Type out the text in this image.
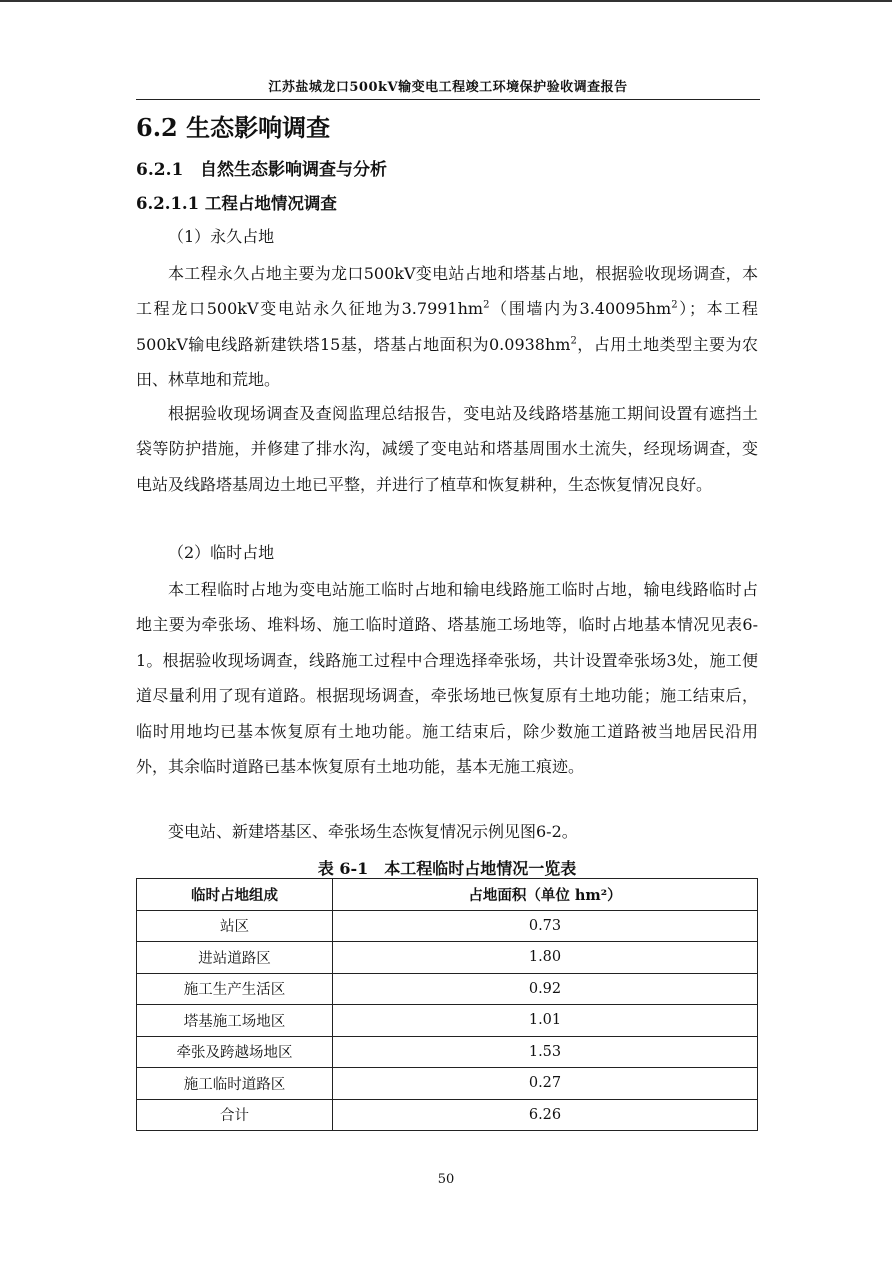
江苏盐城龙口500kV输变电工程竣工环境保护验收调查报告
6.2 生态影响调查
6.2.1 自然生态影响调查与分析
6.2.1.1 工程占地情况调查
（1）永久占地

本工程永久占地主要为龙口500kV变电站占地和塔基占地，根据验收现场调查，本工程龙口500kV变电站永久征地为$3.7991hm^2$（围墙内为$3.40095hm^2$）；本工程500kV输电线路新建铁塔15基，塔基占地面积为$0.0938hm^2$，占用土地类型主要为农田、林草地和荒地。

根据验收现场调查及查阅监理总结报告，变电站及线路塔基施工期间设置有遮挡土袋等防护措施，并修建了排水沟，减缓了变电站和塔基周围水土流失，经现场调查，变电站及线路塔基周边土地已平整，并进行了植草和恢复耕种，生态恢复情况良好。

（2）临时占地

本工程临时占地为变电站施工临时占地和输电线路施工临时占地，输电线路临时占地主要为牵张场、堆料场、施工临时道路、塔基施工场地等，临时占地基本情况见表6-1。根据验收现场调查，线路施工过程中合理选择牵张场，共计设置牵张场3处，施工便道尽量利用了现有道路。根据现场调查，牵张场地已恢复原有土地功能；施工结束后，临时用地均已基本恢复原有土地功能。施工结束后，除少数施工道路被当地居民沿用外，其余临时道路已基本恢复原有土地功能，基本无施工痕迹。

变电站、新建塔基区、牵张场生态恢复情况示例见图6-2。

表 6-1　本工程临时占地情况一览表
临时占地组成	占地面积（单位 hm²）
站区	0.73
进站道路区	1.80
施工生产生活区	0.92
塔基施工场地区	1.01
牵张及跨越场地区	1.53
施工临时道路区	0.27
合计	6.26
50
